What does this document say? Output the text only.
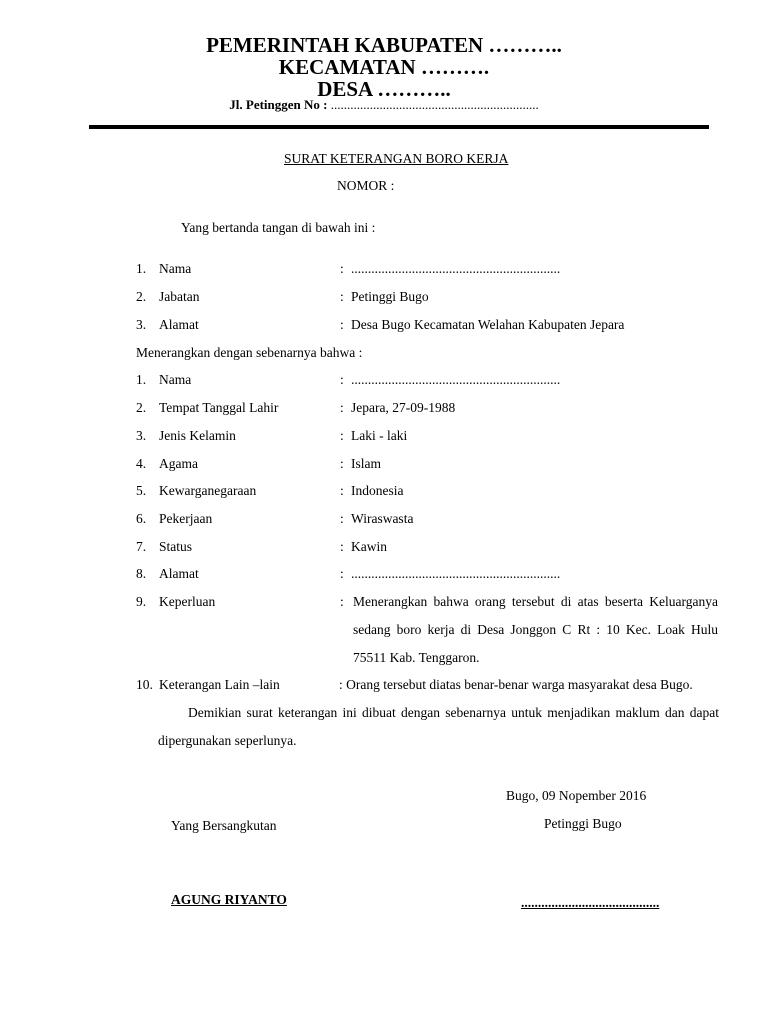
PEMERINTAH KABUPATEN ………..
KECAMATAN ……….
DESA ………..
Jl. Petinggen No : ................................................................
SURAT KETERANGAN BORO KERJA
NOMOR :
Yang bertanda tangan di bawah ini :
1. Nama	: ..............................................................
2. Jabatan	: Petinggi Bugo
3. Alamat	: Desa Bugo Kecamatan Welahan Kabupaten Jepara
Menerangkan dengan sebenarnya bahwa :
1. Nama	: ..............................................................
2. Tempat Tanggal Lahir	: Jepara, 27-09-1988
3. Jenis Kelamin	: Laki - laki
4. Agama	: Islam
5. Kewarganegaraan	: Indonesia
6. Pekerjaan	: Wiraswasta
7. Status	: Kawin
8. Alamat	: ..............................................................
9. Keperluan	: Menerangkan bahwa orang tersebut di atas beserta Keluarganya
sedang boro kerja di Desa Jonggon C Rt : 10 Kec. Loak Hulu
75511 Kab. Tenggaron.
10. Keterangan Lain –lain	: Orang tersebut diatas benar-benar warga masyarakat desa Bugo.
Demikian surat keterangan ini dibuat dengan sebenarnya untuk menjadikan maklum dan dapat
dipergunakan seperlunya.
Bugo, 09 Nopember 2016
Yang Bersangkutan	Petinggi Bugo
AGUNG RIYANTO	.........................................
